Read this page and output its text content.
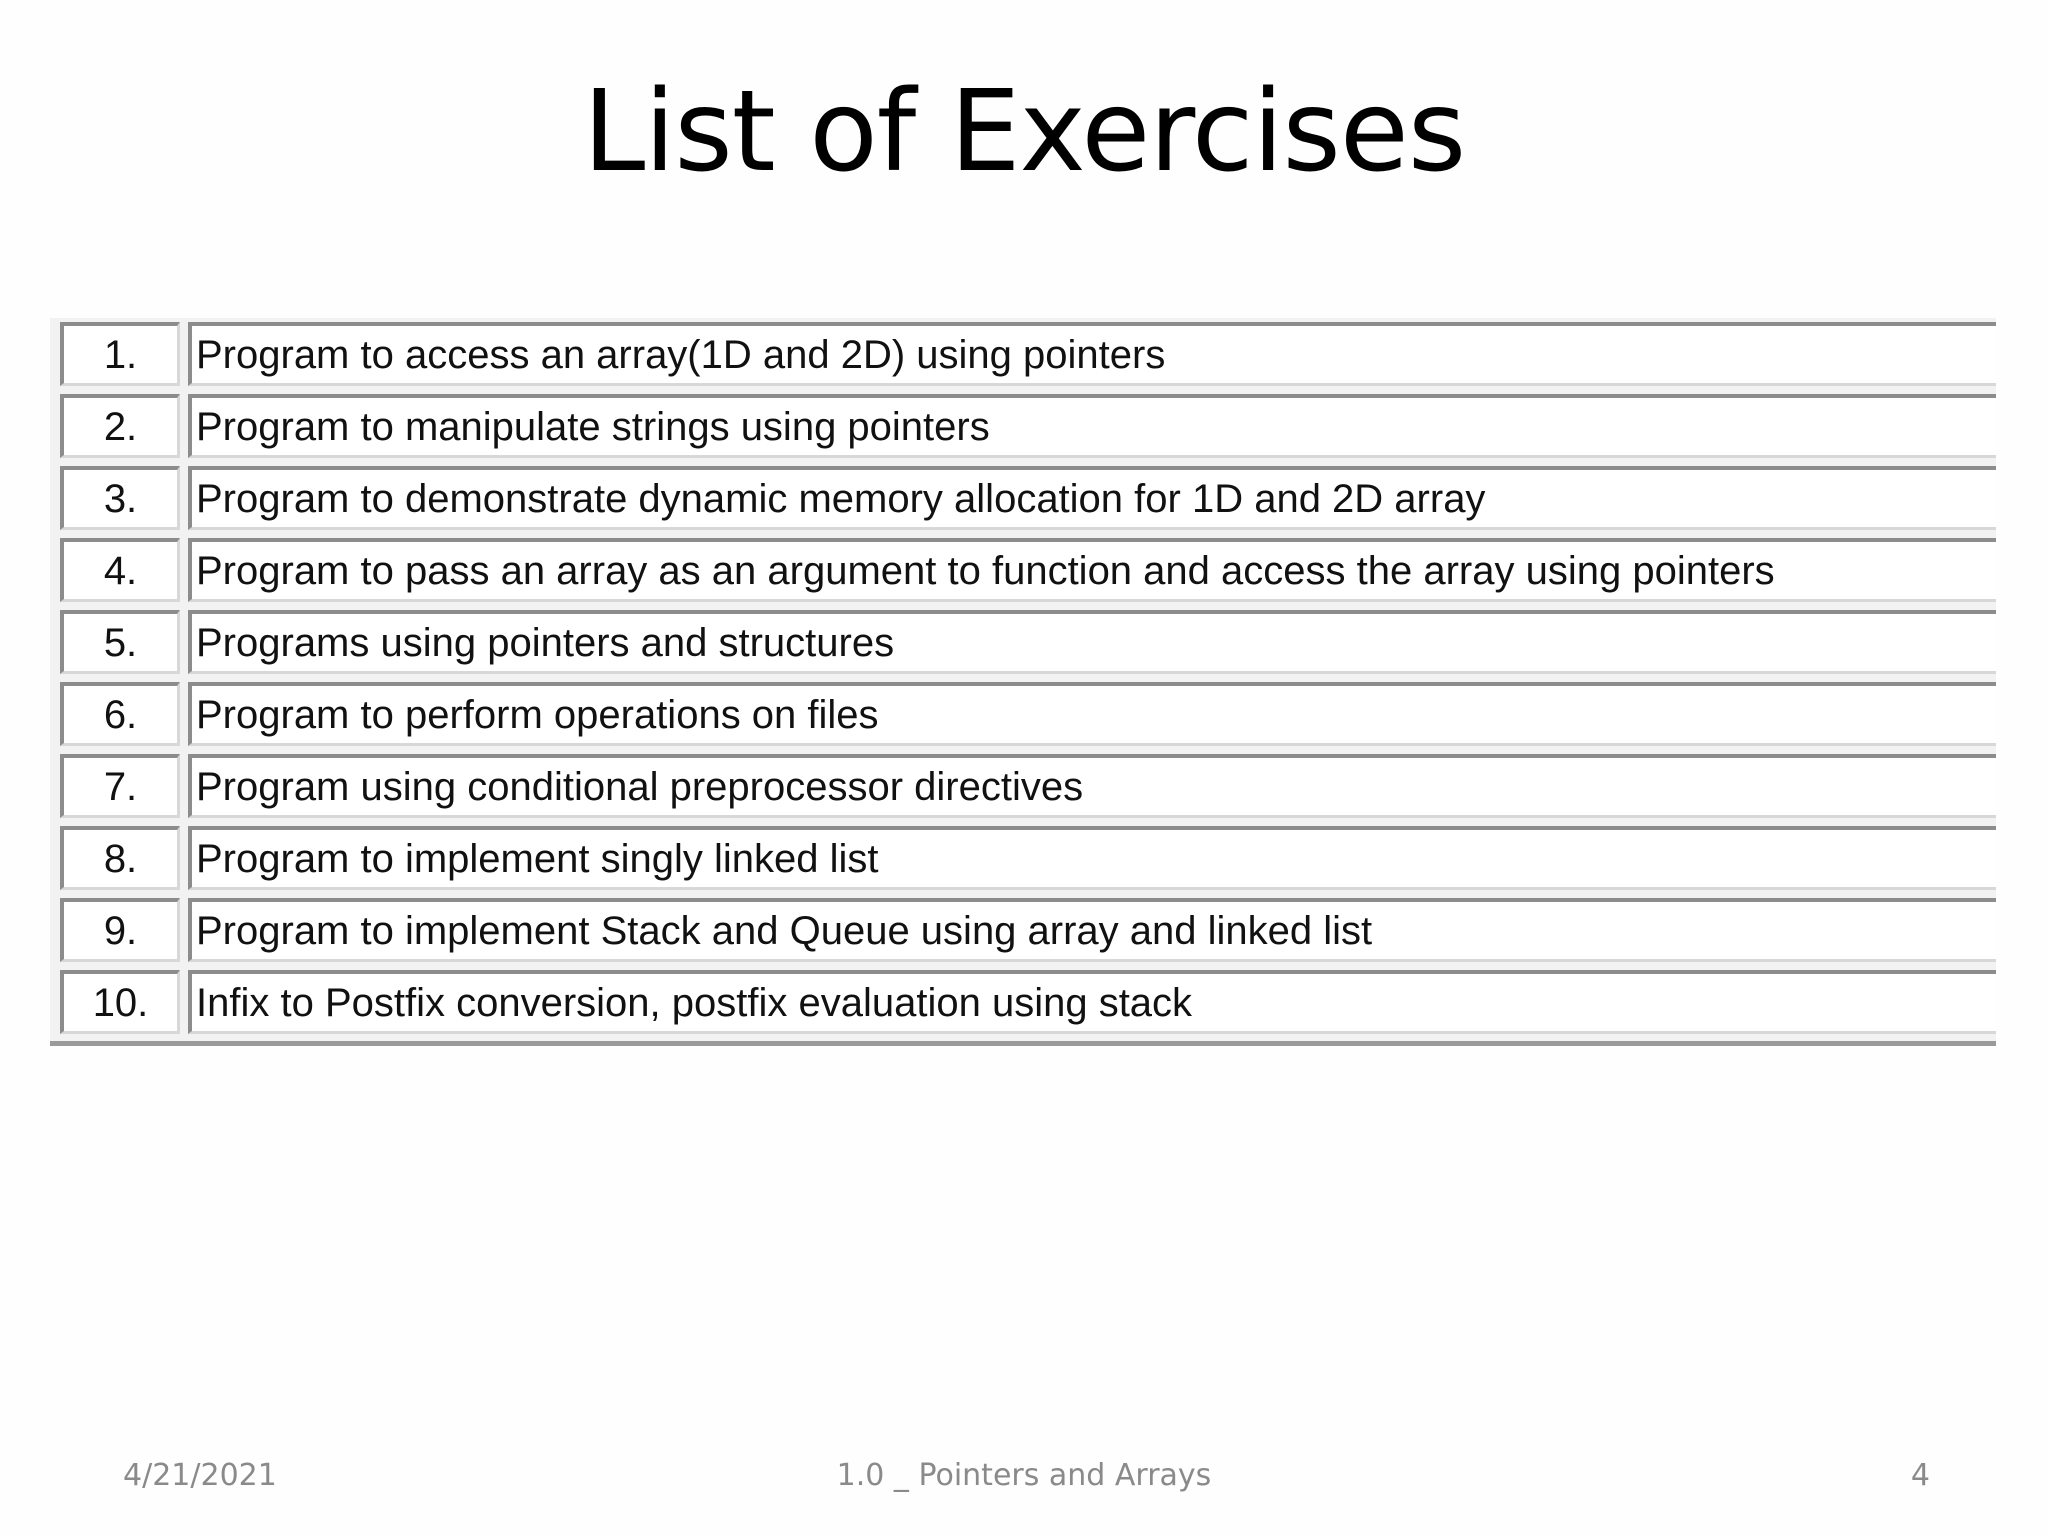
List of Exercises
1.	Program to access an array(1D and 2D) using pointers
2.	Program to manipulate strings using pointers
3.	Program to demonstrate dynamic memory allocation for 1D and 2D array
4.	Program to pass an array as an argument to function and access the array using pointers
5.	Programs using pointers and structures
6.	Program to perform operations on files
7.	Program using conditional preprocessor directives
8.	Program to implement singly linked list
9.	Program to implement Stack and Queue using array and linked list
10.	Infix to Postfix conversion, postfix evaluation using stack
4/21/2021	1.0 _ Pointers and Arrays	4
